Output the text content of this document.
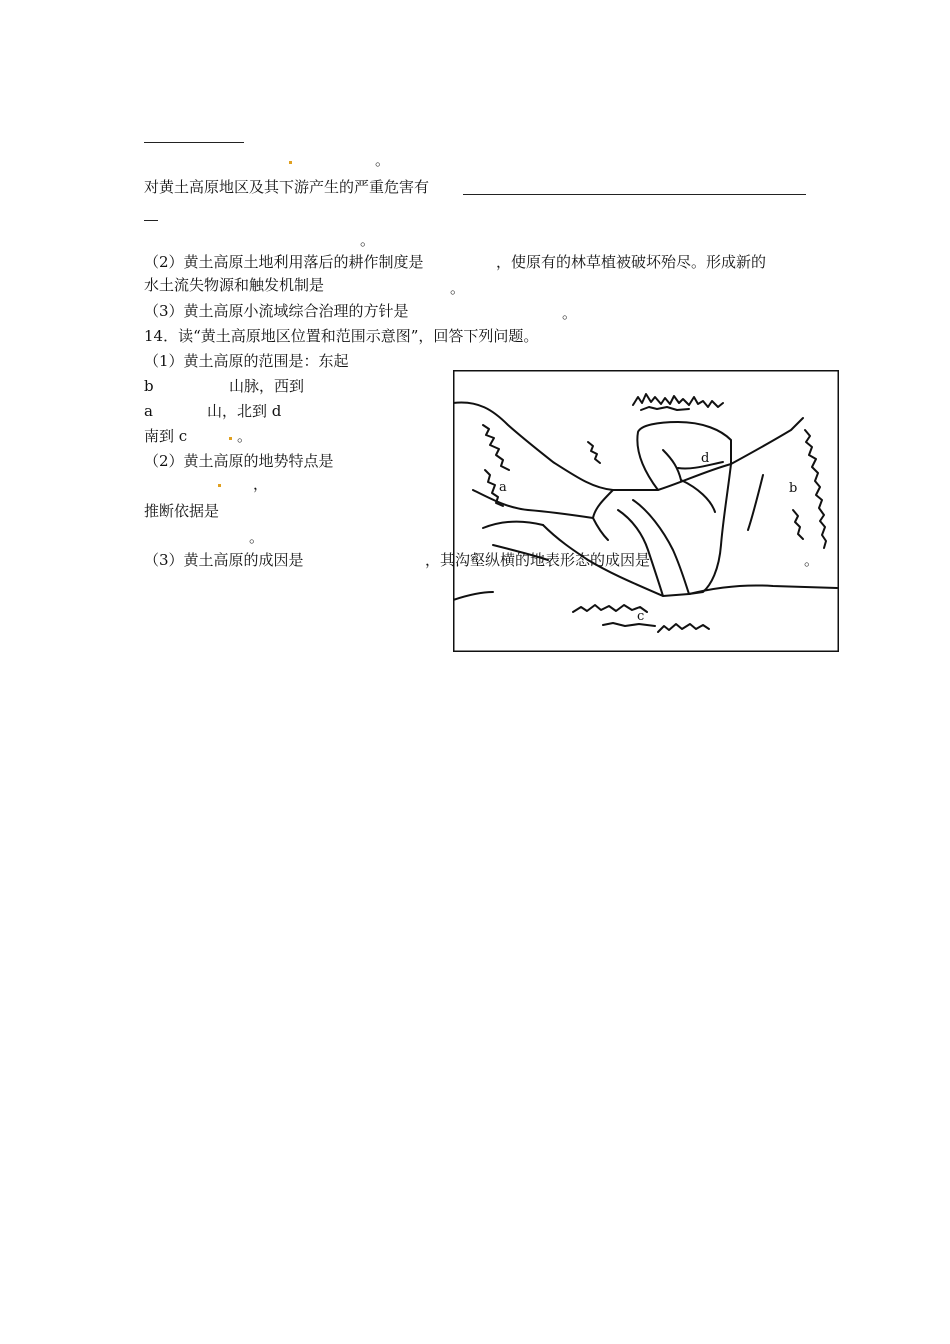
。
对黄土高原地区及其下游产生的严重危害有
。
（2）黄土高原土地利用落后的耕作制度是	，使原有的林草植被破坏殆尽。形成新的
水土流失物源和触发机制是	。
（3）黄土高原小流域综合治理的方针是	。
14．读“黄土高原地区位置和范围示意图”，回答下列问题。
（1）黄土高原的范围是：东起
b	山脉，西到
a	山，北到 d
南到 c	。
（2）黄土高原的地势特点是
，
推断依据是
。
（3）黄土高原的成因是	，其沟壑纵横的地表形态的成因是	。
d
a	b
c
